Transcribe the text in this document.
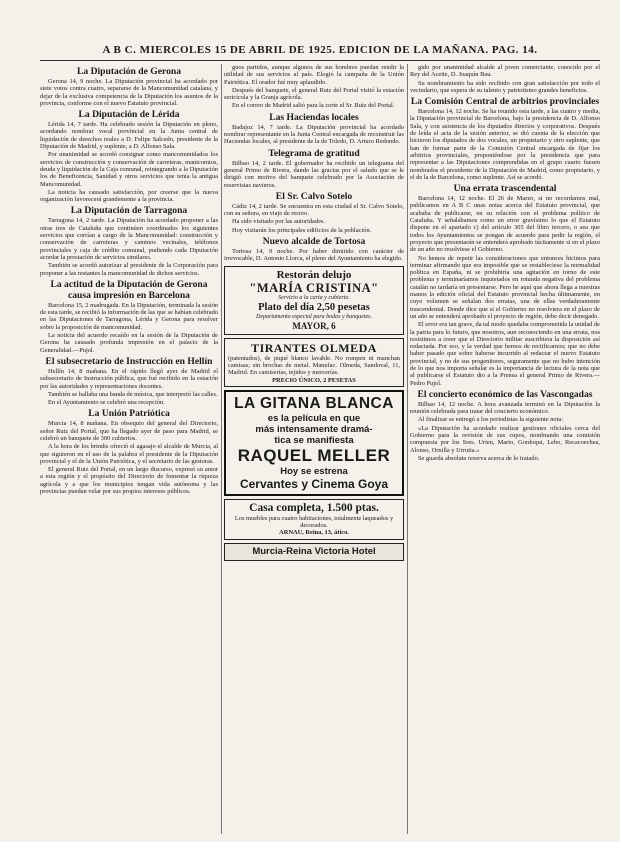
A B C. MIERCOLES 15 DE ABRIL DE 1925. EDICION DE LA MAÑANA. PAG. 14.
La Diputación de Gerona
Gerona 14, 9 noche. La Diputación provincial ha acordado por siete votos contra cuatro, separarse de la Mancomunidad catalana, y dejar de la exclusiva competencia de la Diputación los asuntos de la provincia, conforme con el nuevo Estatuto provincial.
La Diputación de Lérida
Lérida 14, 7 tarde. Ha celebrado sesión la Diputación en pleno, acordando nombrar vocal provincial en la Junta central de liquidación de derechos reales a D. Felipe Salcedo, presidente de la Diputación de Madrid, y suplente, a D. Alfonso Sala.
Por unanimidad se acordó consignar como mancomunidados los servicios de construcción y conservación de carreteras, manicomios, deuda y liquidación de la Caja comunal, reintegrando a la Diputación los de Beneficencia, Sanidad y otros servicios que tenía la antigua Mancomunidad.
La noticia ha causado satisfacción, por creerse que la nueva organización favorecerá grandemente a la provincia.
La Diputación de Tarragona
Tarragona 14, 2 tarde. La Diputación ha acordado proponer a las otras tres de Cataluña que continúen coordinados los siguientes servicios que corrían a cargo de la Mancomunidad: construcción y conservación de carreteras y caminos vecinales, teléfonos provinciales y caja de crédito comunal, pudiendo cada Diputación acordar la prestación de servicios similares.
También se acordó autorizar al presidente de la Corporación para proponer a las restantes la mancomunidad de dichos servicios.
La actitud de la Diputación de Gerona causa impresión en Barcelona
Barcelona 15, 2 madrugada. En la Diputación, terminada la sesión de esta tarde, se recibió la información de las que se habían celebrado en las Diputaciones de Tarragona, Lérida y Gerona para resolver sobre la proposición de mancomunidad.
La noticia del acuerdo recaído en la sesión de la Diputación de Gerona ha causado profunda impresión en el palacio de la Generalidad.—Pujol.
El subsecretario de Instrucción en Hellín
Hellín 14, 8 mañana. En el rápido llegó ayer de Madrid el subsecretario de Instrucción pública, que fué recibido en la estación por las autoridades y representaciones docentes.
También se hallaba una banda de música, que interpretó las calles.
En el Ayuntamiento se celebró una recepción.
La Unión Patriótica
Murcia 14, 8 mañana. En obsequio del general del Directorio, señor Ruiz del Portal, que ha llegado ayer de paso para Madrid, se celebró un banquete de 300 cubiertos.
A la hora de los brindis ofreció el agasajo el alcalde de Murcia, al que siguieron en el uso de la palabra el presidente de la Diputación provincial y el de la Unión Patriótica, y el secretario de las gestoras.
El general Ruiz del Portal, en un largo discurso, expresó su amor a esta región y el propósito del Directorio de fomentar la riqueza agrícola y a que los municipios tengan vida autónoma y las provincias puedan velar por sus propios intereses públicos.
guos partidos, aunque algunos de sus hombres puedan rendir la utilidad de sus servicios al país. Elogió la campaña de la Unión Patriótica. El orador fué muy aplaudido.
Después del banquete, el general Ruiz del Portal visitó la estación sericícola y la Granja agrícola.
En el correo de Madrid salió para la corte el Sr. Ruiz del Portal.
Las Haciendas locales
Badajoz 14, 7 tarde. La Diputación provincial ha acordado nombrar representante en la Junta Central encargada de reconstruir las Haciendas locales, al presidente de la de Toledo, D. Arturo Redondo.
Telegrama de gratitud
Bilbao 14, 2 tarde. El gobernador ha recibido un telegrama del general Primo de Rivera, dando las gracias por el saludo que se le dirigió con motivo del banquete celebrado por la Asociación de reservistas navieros.
El Sr. Calvo Sotelo
Cádiz 14, 2 tarde. Se encuentra en esta ciudad el Sr. Calvo Sotelo, con su señora, en viaje de recreo.
Ha sido visitado por las autoridades.
Hoy visitarán los principales edificios de la población.
Nuevo alcalde de Tortosa
Tortosa 14, 9 noche. Por haber dimitido con carácter de irrevocable, D. Antonio Llorca, el pleno del Ayuntamiento ha elegido.
Restorán delujo
"MARÍA CRISTINA"
Servicio a la carta y cubierto.
Plato del día 2,50 pesetas
Departamento especial para bodas y banquetes.
MAYOR, 6
TIRANTES OLMEDA
(patentados), de piqué blanco lavable. No rompen ni manchan camisas; sin brochas de metal. Manufac. Olmeda, Sandoval, 11, Madrid. En camiserías, tejidos y mercerías.
PRECIO ÚNICO, 2 PESETAS
LA GITANA BLANCA
es la película en que
más intensamente dramá-
tica se manifiesta
RAQUEL MELLER
Hoy se estrena
Cervantes y Cinema Goya
Casa completa, 1.500 ptas.
Los muebles para cuatro habitaciones, totalmente laqueados y decorados.
ARNAU, Reina, 13, ático.
Murcia-Reina Victoria Hotel
gido por unanimidad alcalde al joven comerciante, conocido por el Rey del Aceite, D. Joaquín Bau.
Su nombramiento ha sido recibido con gran satisfacción por todo el vecindario, que espera de su talento y patriotismo grandes beneficios.
La Comisión Central de arbitrios provinciales
Barcelona 14, 12 noche. Se ha reunido esta tarde, a las cuatro y media, la Diputación provincial de Barcelona, bajo la presidencia de D. Alfonso Sala, y con asistencia de los diputados directos y corporativos. Después de leída el acta de la sesión anterior, se dió cuenta de la elección que hicieron los diputados de dos vocales, un propietario y otro suplente, que han de formar parte de la Comisión Central encargada de fijar los arbitrios provinciales, proponiéndose por la presidencia que para representar a las Diputaciones comprendidas en el grupo cuarto fuesen nombrados el presidente de la Diputación de Madrid, como propietario, y el de la de Barcelona, como suplente. Así se acordó.
Una errata trascendental
Barcelona 14, 12 noche. El 26 de Marzo, si no recordamos mal, publicamos en A B C unas notas acerca del Estatuto provincial, que acababa de publicarse, en su relación con el problema político de Cataluña. Y señalábamos como un error gravísimo lo que el Estatuto dispone en el apartado c) del artículo 305 del libro tercero, o sea que todos los Ayuntamientos se pongan de acuerdo para pedir la región, el proyecto que presentarán se entenderá aprobado tácitamente si en el plazo de un año no resolviese el Gobierno.
No hemos de repetir las consideraciones que entonces hicimos para terminar afirmando que era imposible que se restableciese la normalidad política en España, ni se prohibiría una agitación en torno de este problema y terminaríamos inquietados en rotunda negativa del problema catalán no tardaría en presentarse. Pero he aquí que ahora llega a nuestras manos la edición oficial del Estatuto provincial hecha últimamente, en cuyo volumen se señalan dos erratas, una de ellas verdaderamente trascendental. Donde dice que si el Gobierno no resolviera en el plazo de un año se entenderá aprobado el proyecto de región, debe decir denegado.
El error era tan grave, da tal modo quedaba comprometida la unidad de la patria para lo futuro, que nosotros, aun reconociendo en una errata, nos resistimos a creer que el Directorio militar suscribiera la disposición así redactada. Por eso, y la verdad que hemos de rectificarnos; que no debe haber pasado que sobre haberse incurrido al redactar el nuevo Estatuto provincial, y no de sus progenitores, seguramente que no hubo intención de lo que nos importa señalar es la importancia de lectura de la nota que al publicarse el Estatuto dio a la Prensa el general Primo de Rivera.—Pedro Pujol.
El concierto económico de las Vascongadas
Bilbao 14, 12 noche. A hora avanzada terminó en la Diputación la reunión celebrada para tratar del concierto económico.
Al finalizar se entregó a los periodistas la siguiente nota:
«La Diputación ha acordado realizar gestiones oficiales cerca del Gobierno para la revisión de sus cupos, nombrando una comisión compuesta por los Sres. Urien, Mario, Gordoqui, Lebo, Recacoechea, Alonso, Ornilla y Urrutia.»
Se guarda absoluta reserva acerca de lo tratado.
